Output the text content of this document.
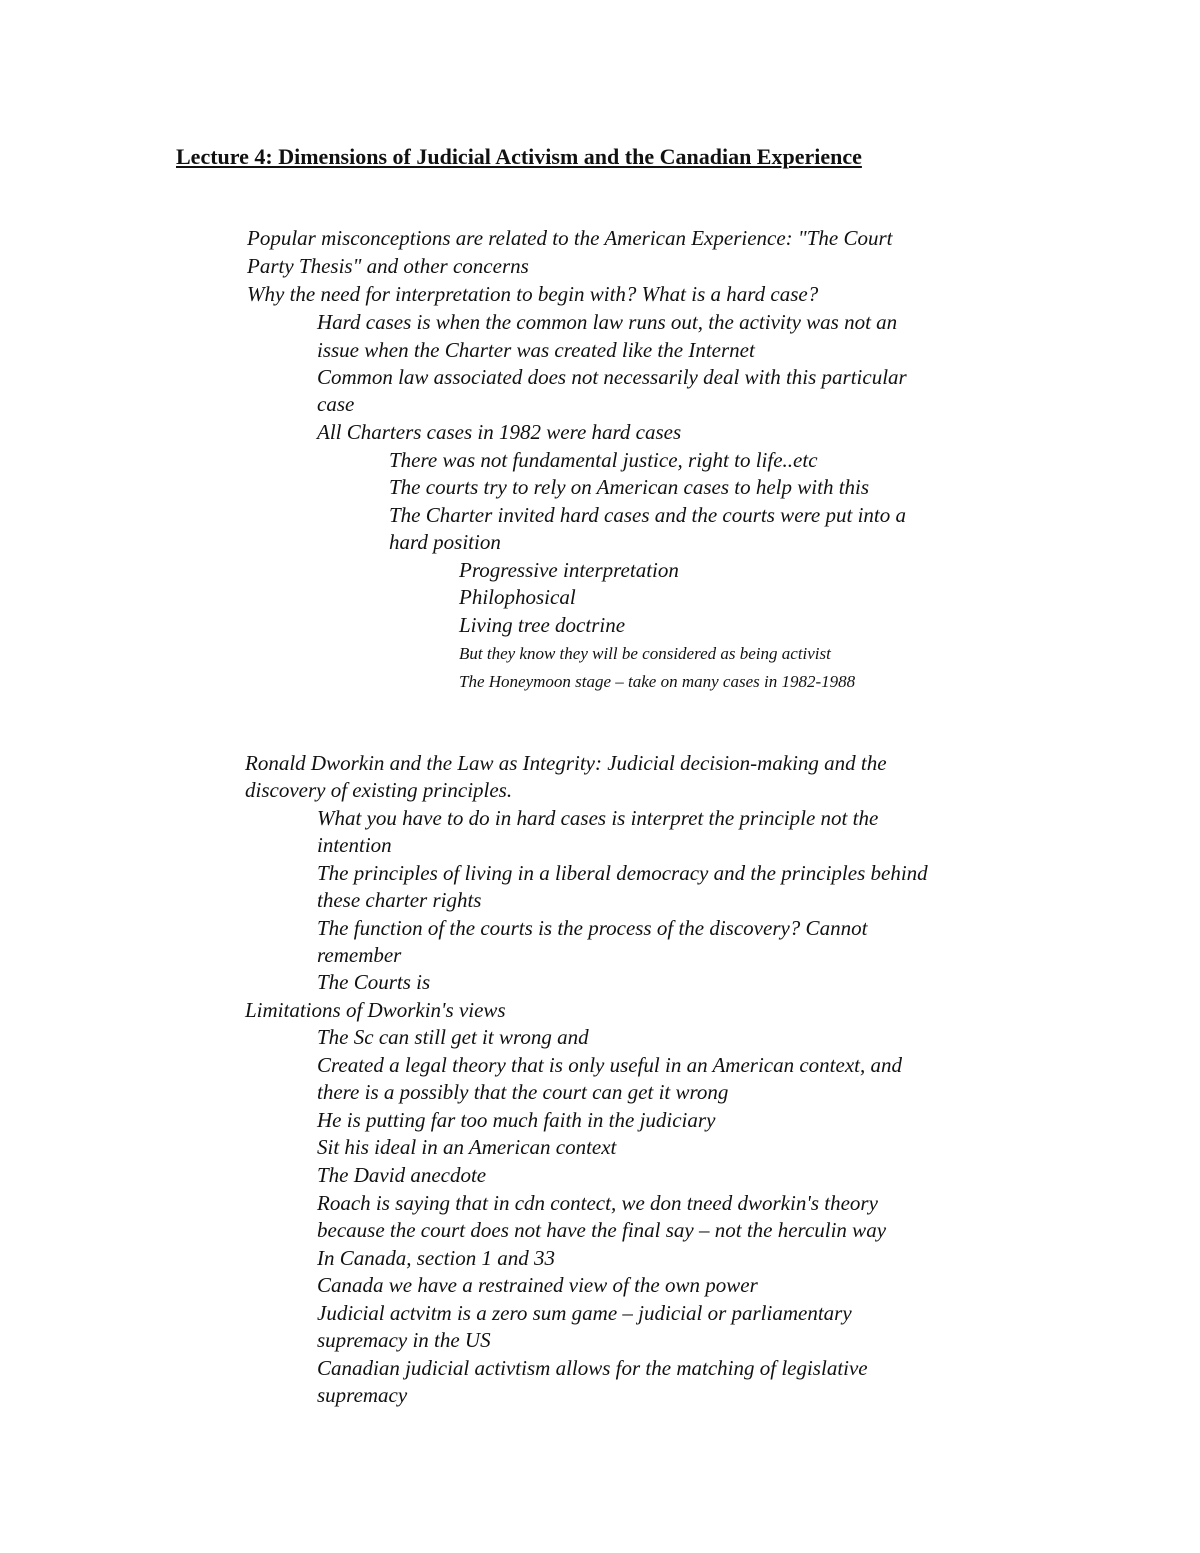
Lecture 4: Dimensions of Judicial Activism and the Canadian Experience
Popular misconceptions are related to the American Experience: "The Court
Party Thesis" and other concerns
Why the need for interpretation to begin with? What is a hard case?
Hard cases is when the common law runs out, the activity was not an
issue when the Charter was created like the Internet
Common law associated does not necessarily deal with this particular
case
All Charters cases in 1982 were hard cases
There was not fundamental justice, right to life..etc
The courts try to rely on American cases to help with this
The Charter invited hard cases and the courts were put into a
hard position
Progressive interpretation
Philophosical
Living tree doctrine
But they know they will be considered as being activist
The Honeymoon stage – take on many cases in 1982-1988
Ronald Dworkin and the Law as Integrity: Judicial decision-making and the
discovery of existing principles.
What you have to do in hard cases is interpret the principle not the
intention
The principles of living in a liberal democracy and the principles behind
these charter rights
The function of the courts is the process of the discovery? Cannot
remember
The Courts is
Limitations of Dworkin's views
The Sc can still get it wrong and
Created a legal theory that is only useful in an American context, and
there is a possibly that the court can get it wrong
He is putting far too much faith in the judiciary
Sit his ideal in an American context
The David anecdote
Roach is saying that in cdn contect, we don tneed dworkin's theory
because the court does not have the final say – not the herculin way
In Canada, section 1 and 33
Canada we have a restrained view of the own power
Judicial actvitm is a zero sum game – judicial or parliamentary
supremacy in the US
Canadian judicial activtism allows for the matching of legislative
supremacy
